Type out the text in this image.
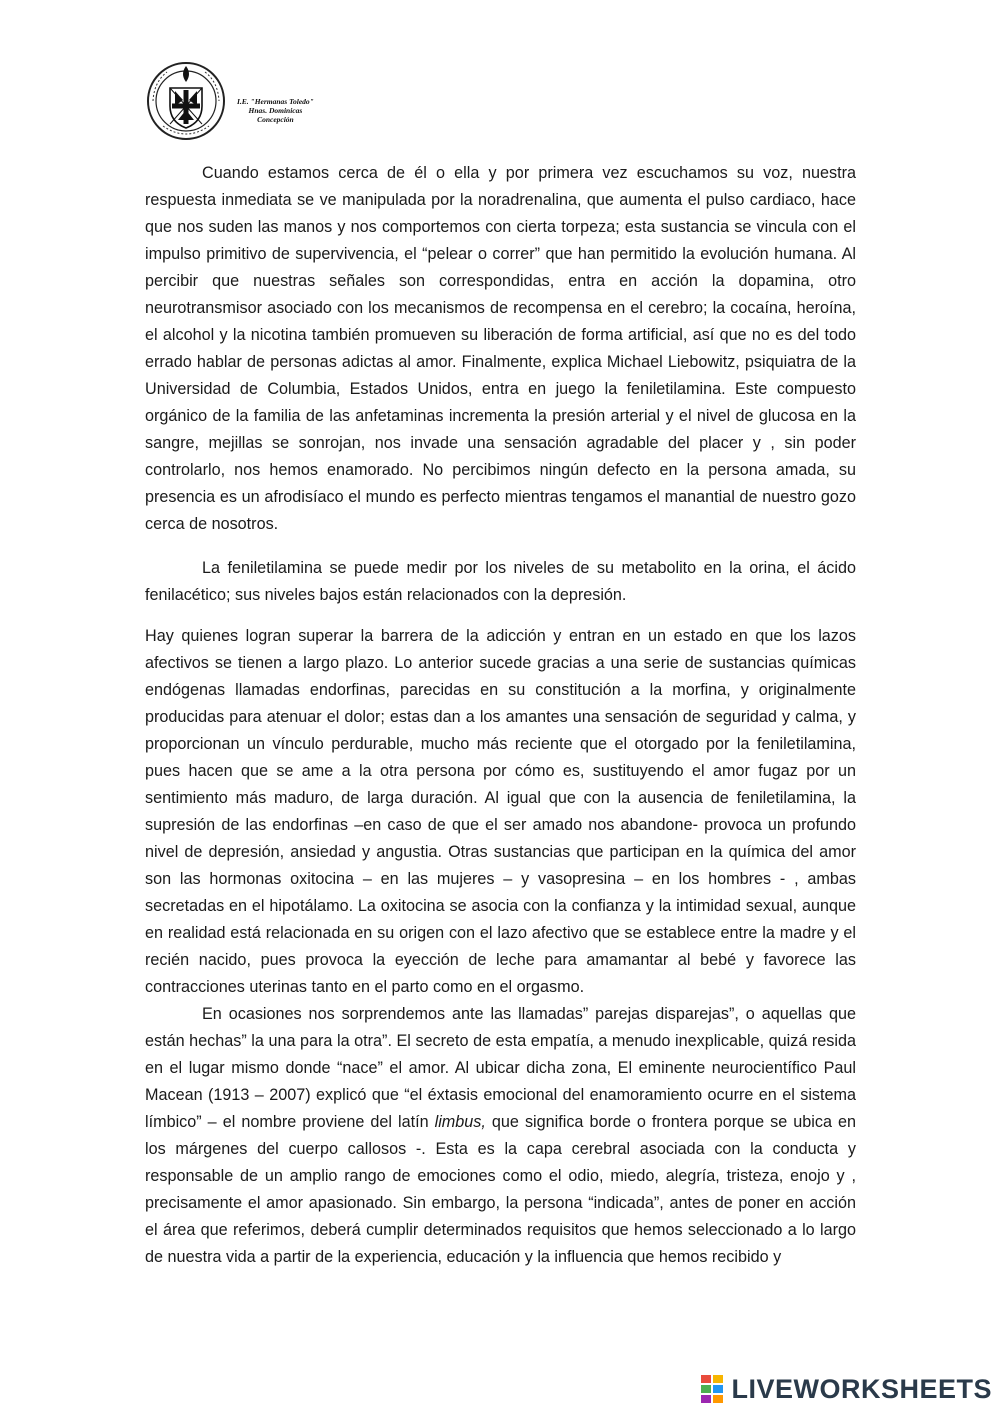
I.E. "Hermanas Toledo"
Hnas. Dominicas
Concepción

Cuando estamos cerca de él o ella y por primera vez escuchamos su voz, nuestra respuesta inmediata se ve manipulada por la noradrenalina, que aumenta el pulso cardiaco, hace que nos suden las manos y nos comportemos con cierta torpeza; esta sustancia se vincula con el impulso primitivo de supervivencia, el “pelear o correr” que han permitido la evolución humana. Al percibir que nuestras señales son correspondidas, entra en acción la dopamina, otro neurotransmisor asociado con los mecanismos de recompensa en el cerebro; la cocaína, heroína, el alcohol y la nicotina también promueven su liberación de forma artificial, así que no es del todo errado hablar de personas adictas al amor. Finalmente, explica Michael Liebowitz, psiquiatra de la Universidad de Columbia, Estados Unidos, entra en juego la feniletilamina. Este compuesto orgánico de la familia de las anfetaminas incrementa la presión arterial y el nivel de glucosa en la sangre, mejillas se sonrojan, nos invade una sensación agradable del placer y , sin poder controlarlo, nos hemos enamorado. No percibimos ningún defecto en la persona amada, su presencia es un afrodisíaco el mundo es perfecto mientras tengamos el manantial de nuestro gozo cerca de nosotros.

La feniletilamina se puede medir por los niveles de su metabolito en la orina, el ácido fenilacético; sus niveles bajos están relacionados con la depresión.

Hay quienes logran superar la barrera de la adicción y entran en un estado en que los lazos afectivos se tienen a largo plazo. Lo anterior sucede gracias a una serie de sustancias químicas endógenas llamadas endorfinas, parecidas en su constitución a la morfina, y originalmente producidas para atenuar el dolor; estas dan a los amantes una sensación de seguridad y calma, y proporcionan un vínculo perdurable, mucho más reciente que el otorgado por la feniletilamina, pues hacen que se ame a la otra persona por cómo es, sustituyendo el amor fugaz por un sentimiento más maduro, de larga duración. Al igual que con la ausencia de feniletilamina, la supresión de las endorfinas –en caso de que el ser amado nos abandone- provoca un profundo nivel de depresión, ansiedad y angustia. Otras sustancias que participan en la química del amor son las hormonas oxitocina – en las mujeres – y vasopresina – en los hombres - , ambas secretadas en el hipotálamo. La oxitocina se asocia con la confianza y la intimidad sexual, aunque en realidad está relacionada en su origen con el lazo afectivo que se establece entre la madre y el recién nacido, pues provoca la eyección de leche para amamantar al bebé y favorece las contracciones uterinas tanto en el parto como en el orgasmo.

En ocasiones nos sorprendemos ante las llamadas” parejas disparejas”, o aquellas que están hechas” la una para la otra”. El secreto de esta empatía, a menudo inexplicable, quizá resida en el lugar mismo donde “nace” el amor. Al ubicar dicha zona, El eminente neurocientífico Paul Macean (1913 – 2007) explicó que “el éxtasis emocional del enamoramiento ocurre en el sistema límbico” – el nombre proviene del latín limbus, que significa borde o frontera porque se ubica en los márgenes del cuerpo callosos -. Esta es la capa cerebral asociada con la conducta y responsable de un amplio rango de emociones como el odio, miedo, alegría, tristeza, enojo y , precisamente el amor apasionado. Sin embargo, la persona “indicada”, antes de poner en acción el área que referimos, deberá cumplir determinados requisitos que hemos seleccionado a lo largo de nuestra vida a partir de la experiencia, educación y la influencia que hemos recibido y

LIVEWORKSHEETS
